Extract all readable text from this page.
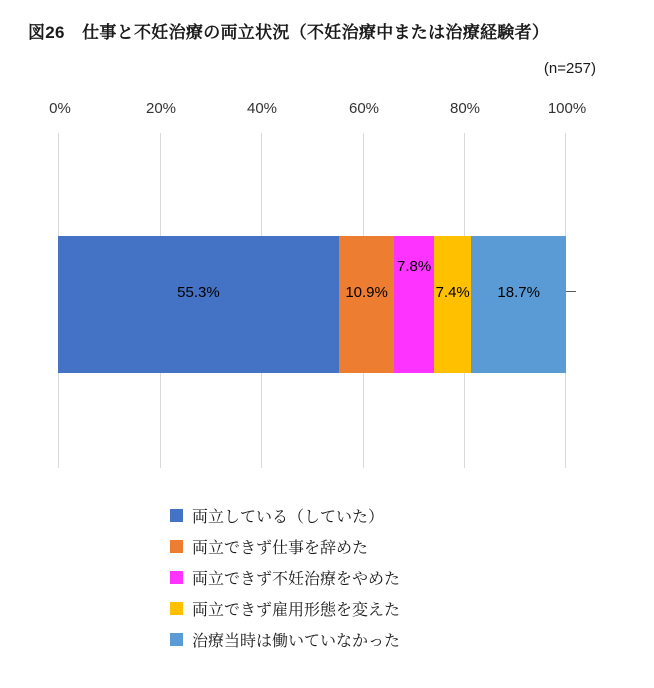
図26　仕事と不妊治療の両立状況（不妊治療中または治療経験者）
(n=257)
55.3%	10.9%
7.8%
7.4% 18.7%
0%	20%	40%	60%	80%	100%
両立している（していた）
両立できず仕事を辞めた
両立できず不妊治療をやめた
両立できず雇用形態を変えた
治療当時は働いていなかった
